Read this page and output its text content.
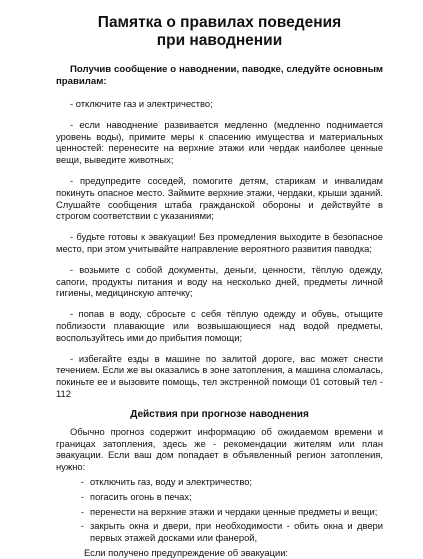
Памятка о правилах поведения
при наводнении
Получив сообщение о наводнении, паводке, следуйте основным правилам:

- отключите газ и электричество;

- если наводнение развивается медленно (медленно поднимается уровень воды), примите меры к спасению имущества и материальных ценностей: перенесите на верхние этажи или чердак наиболее ценные вещи, выведите животных;

- предупредите соседей, помогите детям, старикам и инвалидам покинуть опасное место. Займите верхние этажи, чердаки, крыши зданий. Слушайте сообщения штаба гражданской обороны и действуйте в строгом соответствии с указаниями;

- будьте готовы к эвакуации! Без промедления выходите в безопасное место, при этом учитывайте направление вероятного развития паводка;

- возьмите с собой документы, деньги, ценности, тёплую одежду, сапоги, продукты питания и воду на несколько дней, предметы личной гигиены, медицинскую аптечку;

- попав в воду, сбросьте с себя тёплую одежду и обувь, отыщите поблизости плавающие или возвышающиеся над водой предметы, воспользуйтесь ими до прибытия помощи;

- избегайте езды в машине по залитой дороге, вас может снести течением. Если же вы оказались в зоне затопления, а машина сломалась, покиньте ее и вызовите помощь, тел экстренной помощи 01 сотовый тел - 112

Действия при прогнозе наводнения

Обычно прогноз содержит информацию об ожидаемом времени и границах затопления, здесь же - рекомендации жителям или план эвакуации. Если ваш дом попадает в объявленный регион затопления, нужно:

- отключить газ, воду и электричество;
- погасить огонь в печах;
- перенести на верхние этажи и чердаки ценные предметы и вещи;
- закрыть окна и двери, при необходимости - обить окна и двери первых этажей досками или фанерой,

Если получено предупреждение об эвакуации:
